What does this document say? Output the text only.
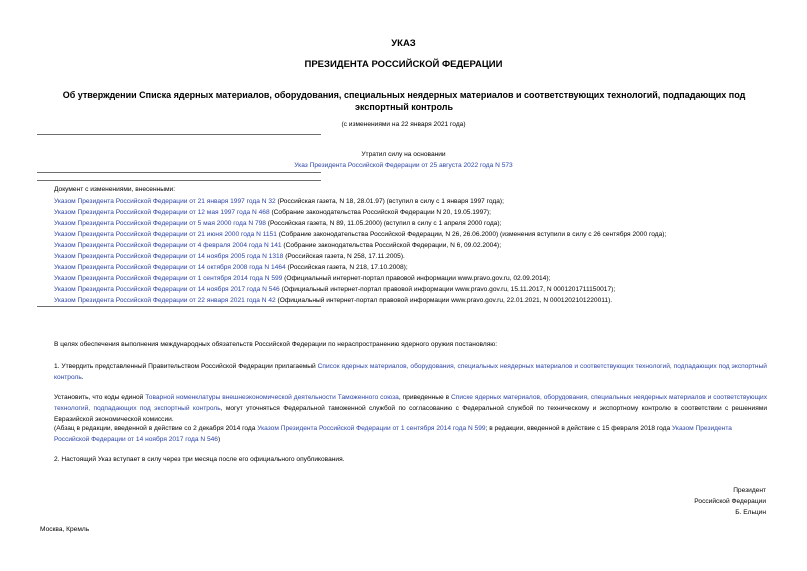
УКАЗ
ПРЕЗИДЕНТА РОССИЙСКОЙ ФЕДЕРАЦИИ
Об утверждении Списка ядерных материалов, оборудования, специальных неядерных материалов и соответствующих технологий, подпадающих под экспортный контроль
(с изменениями на 22 января 2021 года)
Утратил силу на основании
Указ Президента Российской Федерации от 25 августа 2022 года N 573
Документ с изменениями, внесенными:
Указом Президента Российской Федерации от 21 января 1997 года N 32 (Российская газета, N 18, 28.01.97) (вступил в силу с 1 января 1997 года);
Указом Президента Российской Федерации от 12 мая 1997 года N 468 (Собрание законодательства Российской Федерации N 20, 19.05.1997);
Указом Президента Российской Федерации от 5 мая 2000 года N 798 (Российская газета, N 89, 11.05.2000) (вступил в силу с 1 апреля 2000 года);
Указом Президента Российской Федерации от 21 июня 2000 года N 1151 (Собрание законодательства Российской Федерации, N 26, 26.06.2000) (изменения вступили в силу с 26 сентября 2000 года);
Указом Президента Российской Федерации от 4 февраля 2004 года N 141 (Собрание законодательства Российской Федерации, N 6, 09.02.2004);
Указом Президента Российской Федерации от 14 ноября 2005 года N 1318 (Российская газета, N 258, 17.11.2005).
Указом Президента Российской Федерации от 14 октября 2008 года N 1464 (Российская газета, N 218, 17.10.2008);
Указом Президента Российской Федерации от 1 сентября 2014 года N 599 (Официальный интернет-портал правовой информации www.pravo.gov.ru, 02.09.2014);
Указом Президента Российской Федерации от 14 ноября 2017 года N 546 (Официальный интернет-портал правовой информации www.pravo.gov.ru, 15.11.2017, N 0001201711150017);
Указом Президента Российской Федерации от 22 января 2021 года N 42 (Официальный интернет-портал правовой информации www.pravo.gov.ru, 22.01.2021, N 0001202101220011).
В целях обеспечения выполнения международных обязательств Российской Федерации по нераспространению ядерного оружия постановляю:
1. Утвердить представленный Правительством Российской Федерации прилагаемый Список ядерных материалов, оборудования, специальных неядерных материалов и соответствующих технологий, подпадающих под экспортный контроль.
Установить, что коды единой Товарной номенклатуры внешнеэкономической деятельности Таможенного союза, приведенные в Списке ядерных материалов, оборудования, специальных неядерных материалов и соответствующих технологий, подпадающих под экспортный контроль, могут уточняться Федеральной таможенной службой по согласованию с Федеральной службой по техническому и экспортному контролю в соответствии с решениями Евразийской экономической комиссии.
(Абзац в редакции, введенной в действие со 2 декабря 2014 года Указом Президента Российской Федерации от 1 сентября 2014 года N 599; в редакции, введенной в действие с 15 февраля 2018 года Указом Президента Российской Федерации от 14 ноября 2017 года N 546)
2. Настоящий Указ вступает в силу через три месяца после его официального опубликования.
Президент
Российской Федерации
Б. Ельцин
Москва, Кремль
